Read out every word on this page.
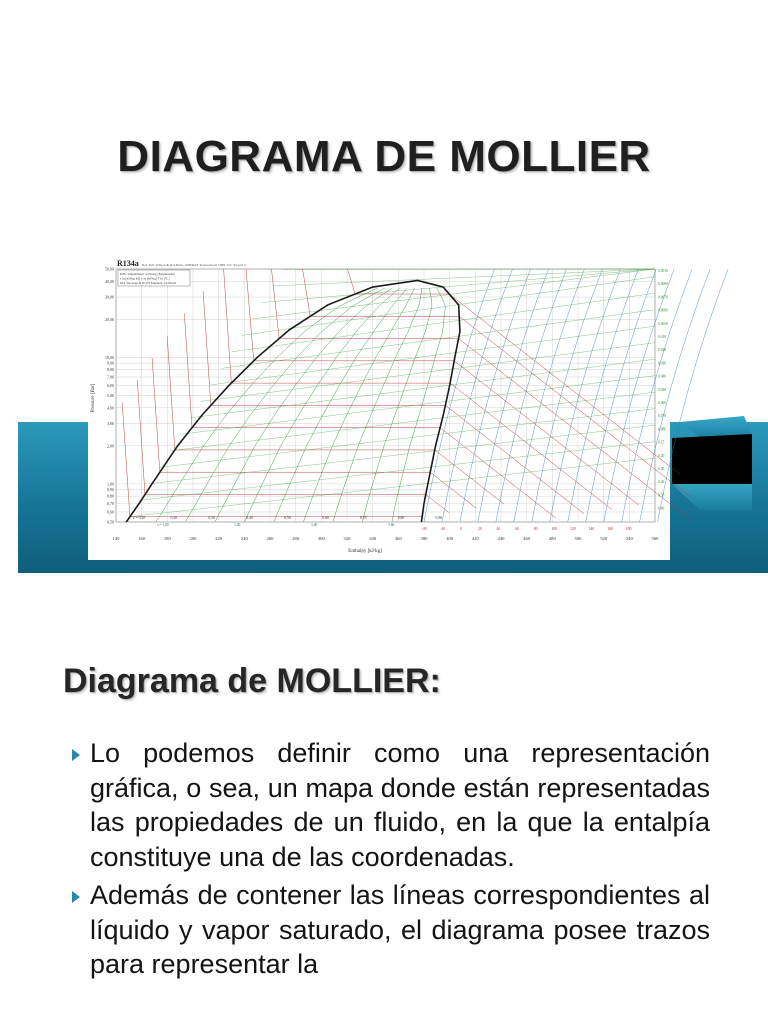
DIAGRAMA DE MOLLIER
140	160	180	200	220	240	260	280	300	320	340	360	380	400	420	440	460	480	500	520	540	560
50,00
40,00
30,00
20,00
10,00
9,00
8,00
7,00
6,00
5,00
4,00
3,00
2,00
1,00
0,90
0,80
0,70
0,60
0,50
x = 0,10	0,20	0,30	0,40	0,50	0,60	0,70	0,80	0,90
s = 1,00	1,20	1,40	1,60
-40	-20	0	20	40	60	80	100	120	140	160	180
0,0010
0,0080
0,0070
0,0060
0,0050
0,010
0,020
0,030
0,040
0,050
0,060
0,070
0,080
0,15
0,20
0,30
0,40
0,50
0,60
R134a Ref: D.P. Wilson & R.S.Basu, ASHRAE Transactions 1988, Vol. 94 part 2.
DTU, Department of Energy Engineering
s in [kJ/(kg K)] v in [m³/kg] T in [°C]
M.J. Skovrup & H.J.H Knudsen. 19-09-02
Enthalpy [kJ/kg]
Pressure [Bar]
Diagrama de MOLLIER:
Lo podemos definir como una representación gráfica, o sea, un mapa donde están representadas las propiedades de un fluido, en la que la entalpía constituye una de las coordenadas.
Además de contener las líneas correspondientes al líquido y vapor saturado, el diagrama posee trazos para representar la
